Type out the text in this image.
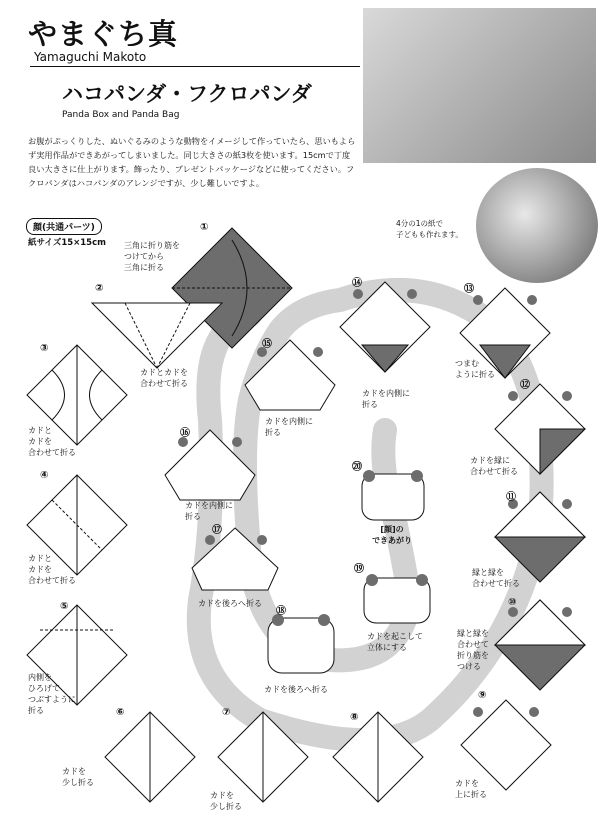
やまぐち真
Yamaguchi Makoto
ハコパンダ・フクロパンダ
Panda Box and Panda Bag
お腹がぷっくりした、ぬいぐるみのような動物をイメージして作っていたら、思いもよらず実用作品ができあがってしまいました。同じ大きさの紙3枚を使います。15cmで丁度良い大きさに仕上がります。飾ったり、プレゼントパッケージなどに使ってください。フクロパンダはハコパンダのアレンジですが、少し難しいですよ。
4分の1の紙で
子どもも作れます。
顔(共通パーツ)
紙サイズ15×15cm
①
三角に折り筋を
つけてから
三角に折る
②
カドとカドを
合わせて折る
③
カドと
カドを
合わせて折る
④
カドと
カドを
合わせて折る
⑤
内側を
ひろげて
つぶすように
折る	⑥
カドを
少し折る
⑦
カドを
少し折る
⑧
⑨
カドを
上に折る
⑩
縁と縁を
合わせて
折り筋を
つける
⑪
縁と縁を
合わせて折る
⑫
カドを縁に
合わせて折る
⑬
つまむ
ように折る
⑭
カドを内側に
折る
⑮
カドを内側に
折る
⑯
カドを内側に
折る
⑰
カドを後ろへ折る
⑱
カドを後ろへ折る
⑲
カドを起こして
立体にする
⑳
[顔]の
できあがり
